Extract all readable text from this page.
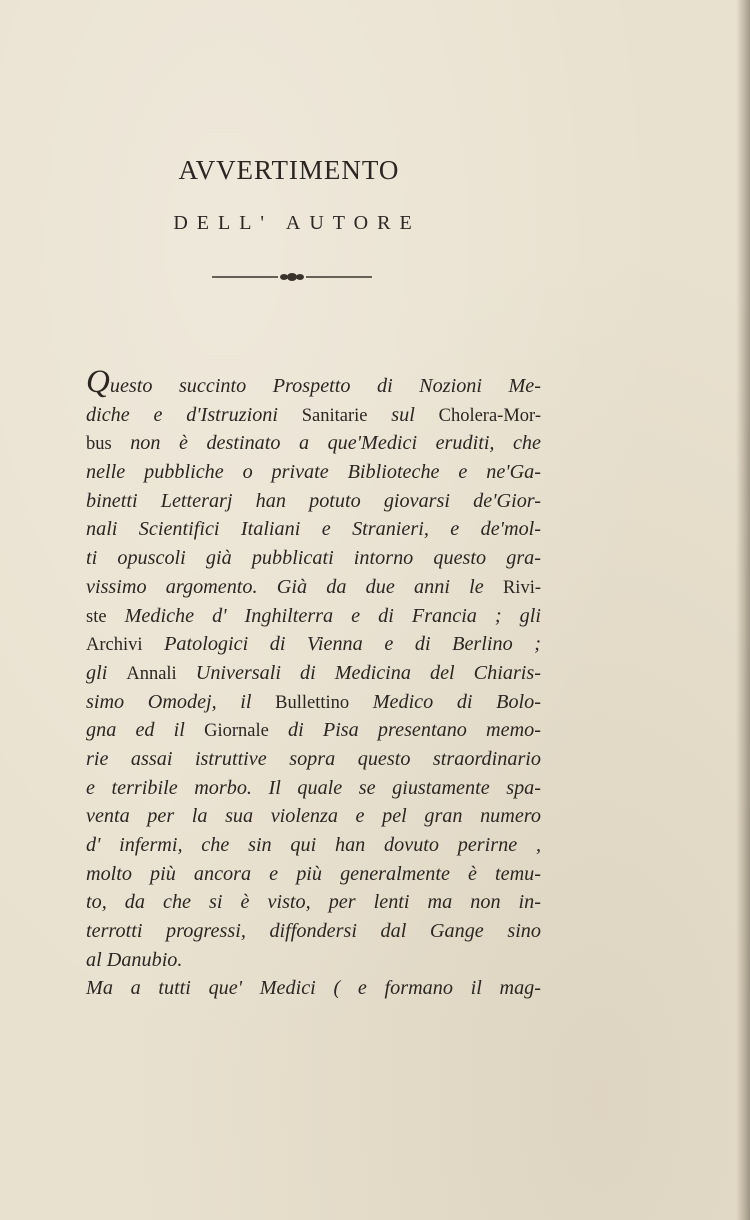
AVVERTIMENTO
DELL' AUTORE
Questo succinto Prospetto di Nozioni Me-
diche e d'Istruzioni Sanitarie sul Cholera-Mor-
bus non è destinato a que'Medici eruditi, che
nelle pubbliche o private Biblioteche e ne'Ga-
binetti Letterarj han potuto giovarsi de'Gior-
nali Scientifici Italiani e Stranieri, e de'mol-
ti opuscoli già pubblicati intorno questo gra-
vissimo argomento. Già da due anni le Rivi-
ste Mediche d' Inghilterra e di Francia ; gli
Archivi Patologici di Vienna e di Berlino ;
gli Annali Universali di Medicina del Chiaris-
simo Omodej, il Bullettino Medico di Bolo-
gna ed il Giornale di Pisa presentano memo-
rie assai istruttive sopra questo straordinario
e terribile morbo. Il quale se giustamente spa-
venta per la sua violenza e pel gran numero
d' infermi, che sin qui han dovuto perirne ,
molto più ancora e più generalmente è temu-
to, da che si è visto, per lenti ma non in-
terrotti progressi, diffondersi dal Gange sino
al Danubio.
Ma a tutti que' Medici ( e formano il mag-
